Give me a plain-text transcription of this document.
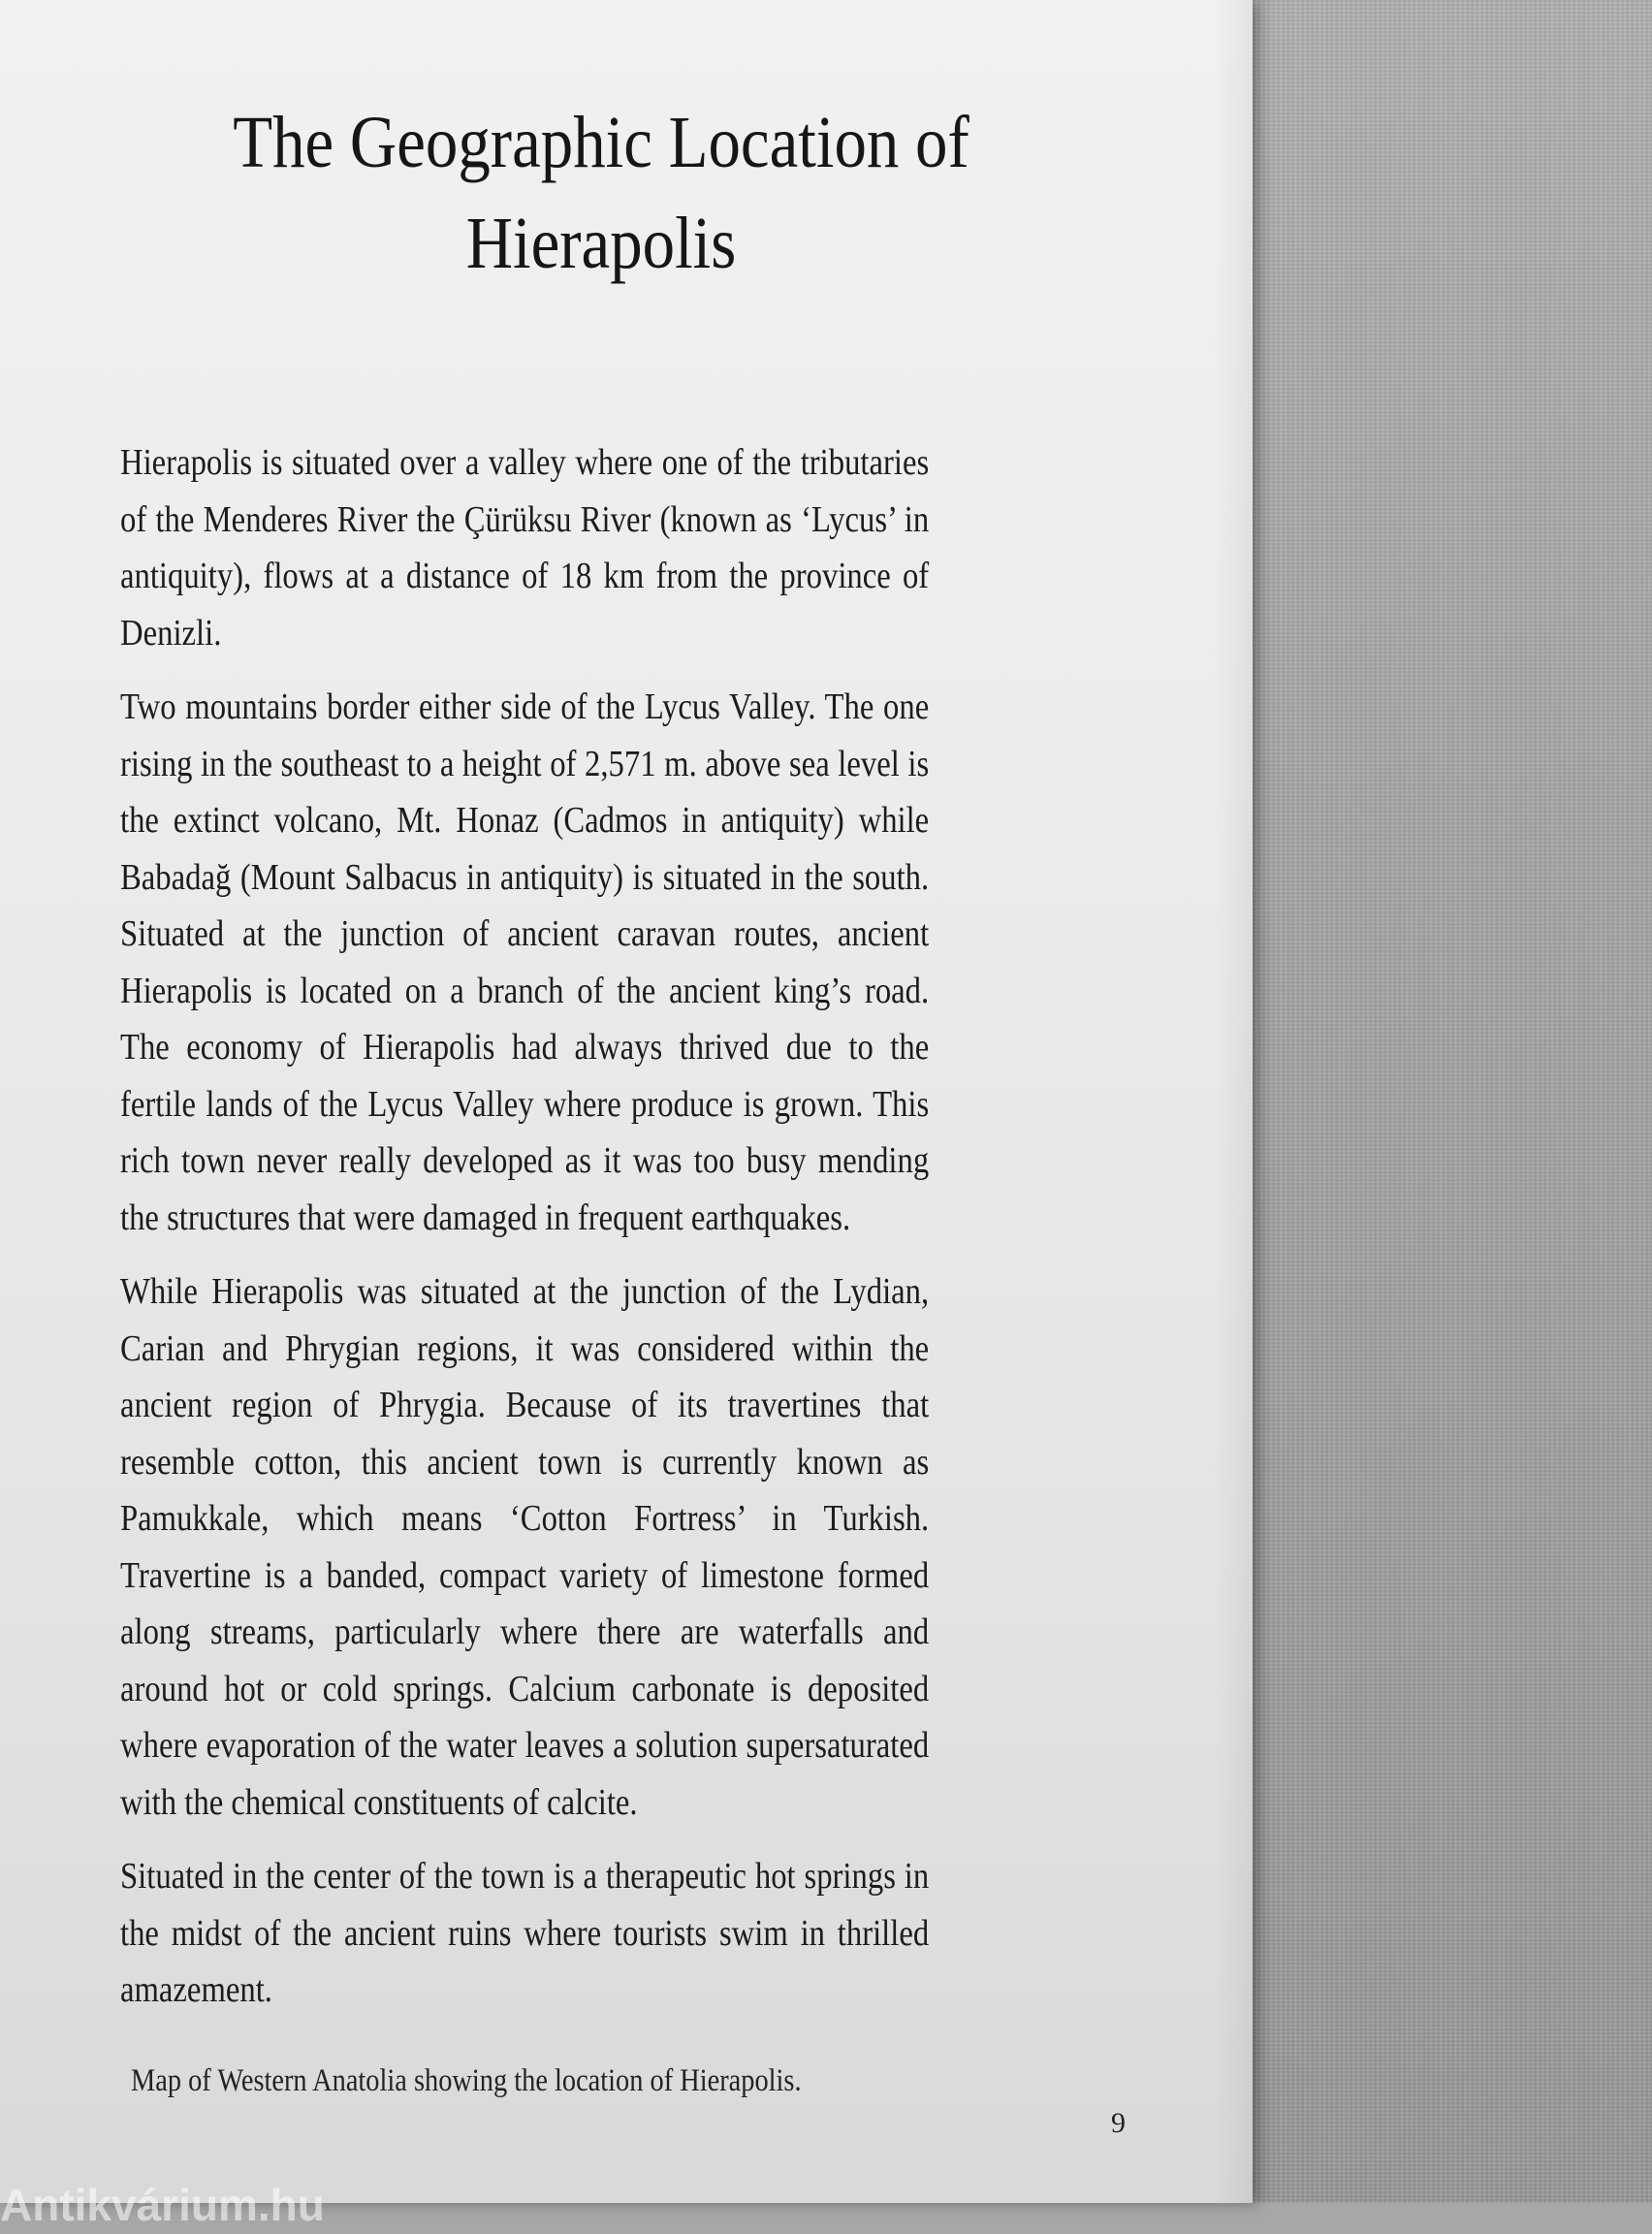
The Geographic Location of Hierapolis

Hierapolis is situated over a valley where one of the tributaries of the Menderes River the Çürüksu River (known as ‘Lycus’ in antiquity), flows at a distance of 18 km from the province of Denizli.

Two mountains border either side of the Lycus Valley. The one rising in the southeast to a height of 2,571 m. above sea level is the extinct volcano, Mt. Honaz (Cadmos in antiquity) while Babadağ (Mount Salbacus in antiquity) is situated in the south. Situated at the junction of ancient caravan routes, ancient Hierapolis is located on a branch of the ancient king’s road. The economy of Hierapolis had always thrived due to the fertile lands of the Lycus Valley where produce is grown. This rich town never really developed as it was too busy mending the structures that were damaged in frequent earthquakes.

While Hierapolis was situated at the junction of the Lydian, Carian and Phrygian regions, it was considered within the ancient region of Phrygia. Because of its travertines that resemble cotton, this ancient town is currently known as Pamukkale, which means ‘Cotton Fortress’ in Turkish. Travertine is a banded, compact variety of limestone formed along streams, particularly where there are waterfalls and around hot or cold springs. Calcium carbonate is deposited where evaporation of the water leaves a solution supersaturated with the chemical constituents of calcite.

Situated in the center of the town is a therapeutic hot springs in the midst of the ancient ruins where tourists swim in thrilled amazement.

Map of Western Anatolia showing the location of Hierapolis.

9

Antikvárium.hu
